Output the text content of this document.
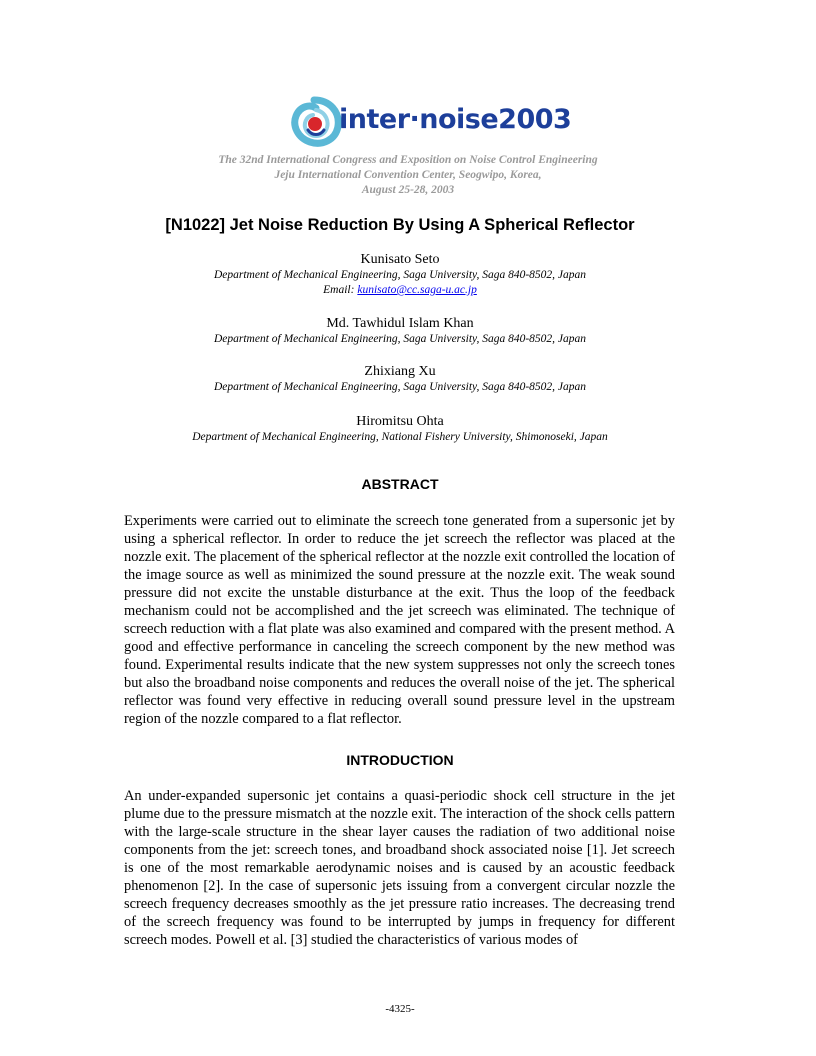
inter·noise2003
The 32nd International Congress and Exposition on Noise Control Engineering
Jeju International Convention Center, Seogwipo, Korea,
August 25-28, 2003
[N1022] Jet Noise Reduction By Using A Spherical Reflector
Kunisato Seto
Department of Mechanical Engineering, Saga University, Saga 840-8502, Japan
Email: kunisato@cc.saga-u.ac.jp
Md. Tawhidul Islam Khan
Department of Mechanical Engineering, Saga University, Saga 840-8502, Japan
Zhixiang Xu
Department of Mechanical Engineering, Saga University, Saga 840-8502, Japan
Hiromitsu Ohta
Department of Mechanical Engineering, National Fishery University, Shimonoseki, Japan
ABSTRACT

Experiments were carried out to eliminate the screech tone generated from a supersonic jet by using a spherical reflector. In order to reduce the jet screech the reflector was placed at the nozzle exit. The placement of the spherical reflector at the nozzle exit controlled the location of the image source as well as minimized the sound pressure at the nozzle exit. The weak sound pressure did not excite the unstable disturbance at the exit. Thus the loop of the feedback mechanism could not be accomplished and the jet screech was eliminated. The technique of screech reduction with a flat plate was also examined and compared with the present method. A good and effective performance in canceling the screech component by the new method was found. Experimental results indicate that the new system suppresses not only the screech tones but also the broadband noise components and reduces the overall noise of the jet. The spherical reflector was found very effective in reducing overall sound pressure level in the upstream region of the nozzle compared to a flat reflector.

INTRODUCTION

An under-expanded supersonic jet contains a quasi-periodic shock cell structure in the jet plume due to the pressure mismatch at the nozzle exit. The interaction of the shock cells pattern with the large-scale structure in the shear layer causes the radiation of two additional noise components from the jet: screech tones, and broadband shock associated noise [1]. Jet screech is one of the most remarkable aerodynamic noises and is caused by an acoustic feedback phenomenon [2]. In the case of supersonic jets issuing from a convergent circular nozzle the screech frequency decreases smoothly as the jet pressure ratio increases. The decreasing trend of the screech frequency was found to be interrupted by jumps in frequency for different screech modes. Powell et al. [3] studied the characteristics of various modes of

-4325-
